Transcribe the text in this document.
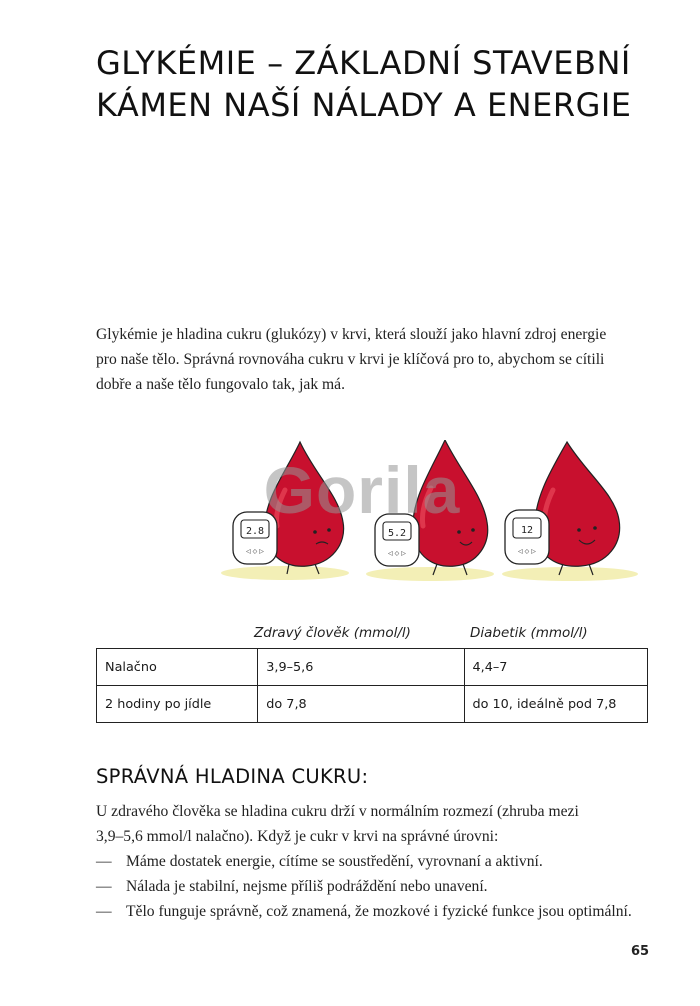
GLYKÉMIE – ZÁKLADNÍ STAVEBNÍ
KÁMEN NAŠÍ NÁLADY A ENERGIE
Glykémie je hladina cukru (glukózy) v krvi, která slouží jako hlavní zdroj energie
pro naše tělo. Správná rovnováha cukru v krvi je klíčová pro to, abychom se cítili
dobře a naše tělo fungovalo tak, jak má.
2.8
◁ ◇ ▷
5.2
◁ ◇ ▷
12
◁ ◇ ▷
Gorila
Zdravý člověk (mmol/l)	Diabetik (mmol/l)
Nalačno	3,9–5,6	4,4–7
2 hodiny po jídle	do 7,8	do 10, ideálně pod 7,8
SPRÁVNÁ HLADINA CUKRU:
U zdravého člověka se hladina cukru drží v normálním rozmezí (zhruba mezi
3,9–5,6 mmol/l nalačno). Když je cukr v krvi na správné úrovni:
— Máme dostatek energie, cítíme se soustředění, vyrovnaní a aktivní.
— Nálada je stabilní, nejsme příliš podráždění nebo unavení.
— Tělo funguje správně, což znamená, že mozkové i fyzické funkce jsou optimální.
65
